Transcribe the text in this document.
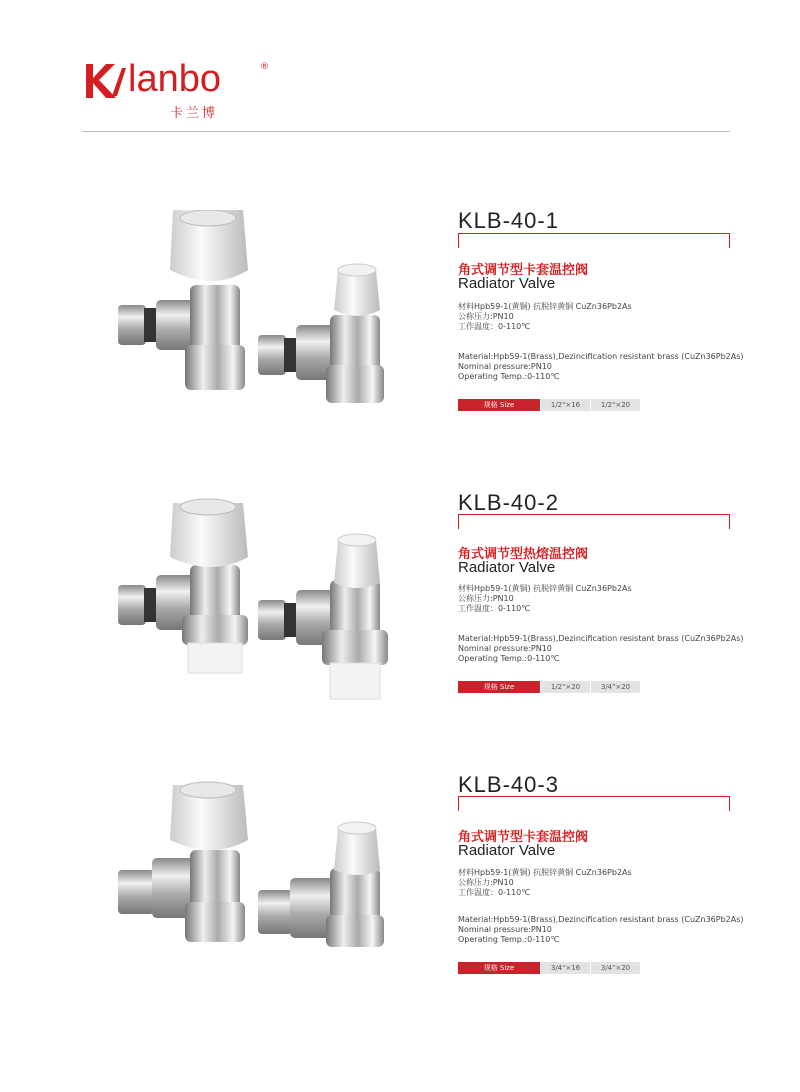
lanbo	®
卡兰博
KLB-40-1
角式调节型卡套温控阀
Radiator Valve
材料Hpb59-1(黄铜) 抗脱锌黄铜 CuZn36Pb2As
公称压力:PN10
工作温度：0-110℃
Material:Hpb59-1(Brass),Dezincification resistant brass (CuZn36Pb2As)
Nominal pressure:PN10
Operating Temp.:0-110℃
规格 Size	1/2"×16	1/2"×20
KLB-40-2
角式调节型热熔温控阀
Radiator Valve
材料Hpb59-1(黄铜) 抗脱锌黄铜 CuZn36Pb2As
公称压力:PN10
工作温度：0-110℃
Material:Hpb59-1(Brass),Dezincification resistant brass (CuZn36Pb2As)
Nominal pressure:PN10
Operating Temp.:0-110℃
规格 Size	1/2"×20	3/4"×20
KLB-40-3
角式调节型卡套温控阀
Radiator Valve
材料Hpb59-1(黄铜) 抗脱锌黄铜 CuZn36Pb2As
公称压力:PN10
工作温度：0-110℃
Material:Hpb59-1(Brass),Dezincification resistant brass (CuZn36Pb2As)
Nominal pressure:PN10
Operating Temp.:0-110℃
规格 Size	3/4"×16	3/4"×20
